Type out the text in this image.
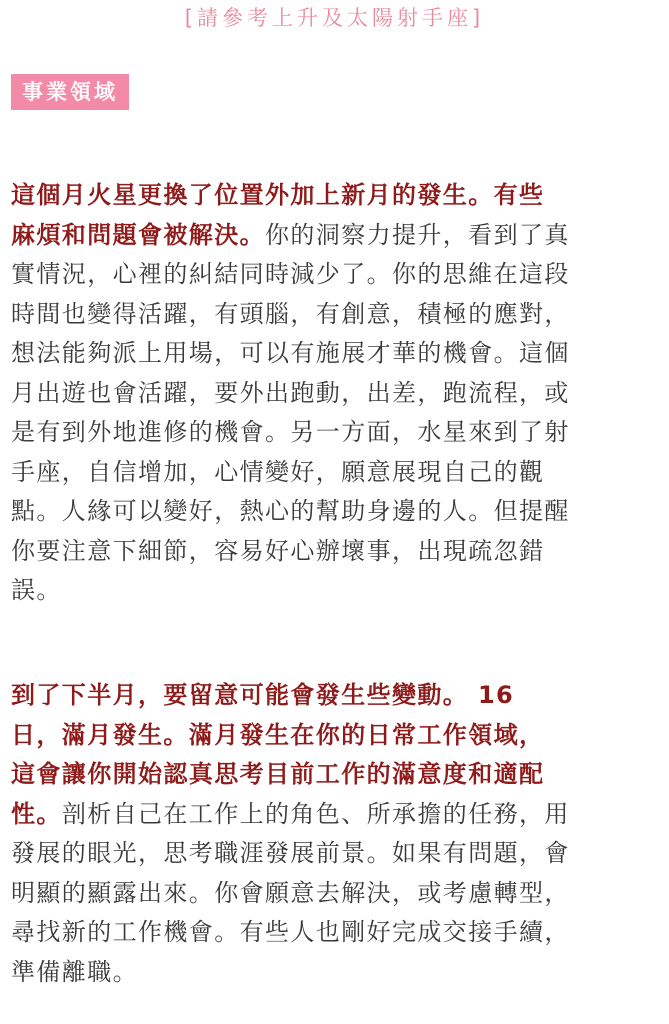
[請參考上升及太陽射手座]
事業領域
這個月火星更換了位置外加上新月的發生。有些
麻煩和問題會被解決。你的洞察力提升，看到了真
實情況，心裡的糾結同時減少了。你的思維在這段
時間也變得活躍，有頭腦，有創意，積極的應對，
想法能夠派上用場，可以有施展才華的機會。這個
月出遊也會活躍，要外出跑動，出差，跑流程，或
是有到外地進修的機會。另一方面，水星來到了射
手座，自信增加，心情變好，願意展現自己的觀
點。人緣可以變好，熱心的幫助身邊的人。但提醒
你要注意下細節，容易好心辦壞事，出現疏忽錯
誤。
到了下半月，要留意可能會發生些變動。 16
日，滿月發生。滿月發生在你的日常工作領域，
這會讓你開始認真思考目前工作的滿意度和適配
性。剖析自己在工作上的角色、所承擔的任務，用
發展的眼光，思考職涯發展前景。如果有問題，會
明顯的顯露出來。你會願意去解決，或考慮轉型，
尋找新的工作機會。有些人也剛好完成交接手續，
準備離職。
